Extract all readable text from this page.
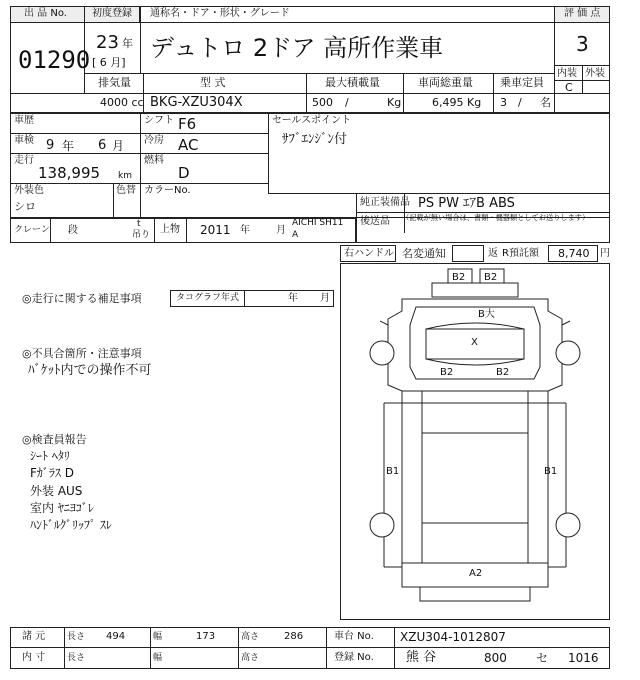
出 品 No.
01290
初度登録
23 年
[ 6 月]
通称名・ドア・形状・グレード
デュトロ 2ドア 高所作業車
評 価 点
3
内装 外装
C
排気量
4000 cc
型 式
BKG-XZU304X
最大積載量
500 /	Kg
車両総重量
6,495 Kg
乗車定員
3 / 名
車歴	シフト F6
車検 9 年 6 月 冷房 AC
走行
138,995 km
燃料
D
外装色
シロ
色替 カラーNo.
セールスポイント
ｻﾌﾞｴﾝｼﾞﾝ付
純正装備品 PS PW ｴｱB ABS
後送品 （記載が無い場合は、書類・機器類としてお送りします）
クレーン 段
t
吊り 上物 2011 年	月
AICHI SH11
A
右ハンドル 名変通知	返 R預託額 8,740 円
◎走行に関する補足事項	タコグラフ年式	年 月
◎不具合箇所・注意事項
ﾊﾞｹｯﾄ内での操作不可
◎検査員報告
ｼｰﾄ ﾍﾀﾘ
Fｶﾞﾗｽ D
外装 AUS
室内 ﾔﾆﾖｺﾞﾚ
ﾊﾝﾄﾞﾙｸﾞﾘｯﾌﾟ ｽﾚ
B2 B2
B大
X
B2	B2
B1	B1
A2
諸 元 長さ 494	幅	173	高さ 286	車台 No. XZU304-1012807
内 寸 長さ	幅	高さ	登録 No. 熊 谷	800 セ 1016
